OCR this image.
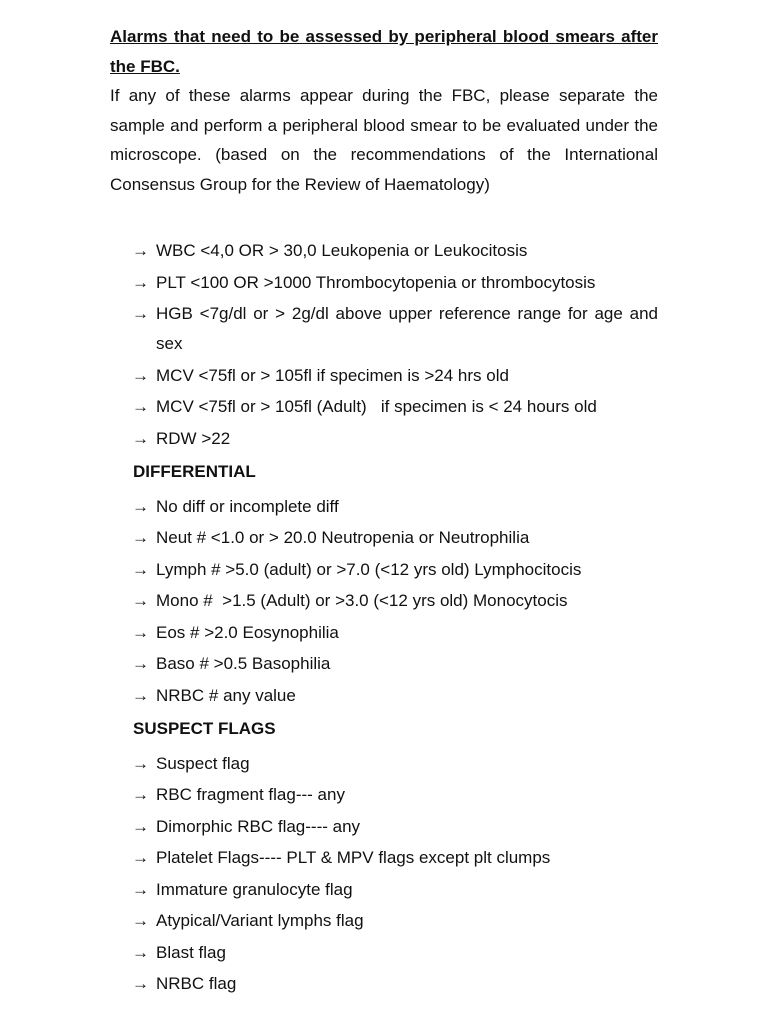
Alarms that need to be assessed by peripheral blood smears after the FBC.
If any of these alarms appear during the FBC, please separate the sample and perform a peripheral blood smear to be evaluated under the microscope. (based on the recommendations of the International Consensus Group for the Review of Haematology)
→ WBC <4,0 OR > 30,0 Leukopenia or Leukocitosis
→ PLT <100 OR >1000 Thrombocytopenia or thrombocytosis
→ HGB <7g/dl or > 2g/dl above upper reference range for age and sex
→ MCV <75fl or > 105fl if specimen is >24 hrs old
→ MCV <75fl or > 105fl (Adult)   if specimen is < 24 hours old
→ RDW >22
DIFFERENTIAL
→ No diff or incomplete diff
→ Neut # <1.0 or > 20.0 Neutropenia or Neutrophilia
→ Lymph # >5.0 (adult) or >7.0 (<12 yrs old) Lymphocitocis
→ Mono #  >1.5 (Adult) or >3.0 (<12 yrs old) Monocytocis
→ Eos # >2.0 Eosynophilia
→ Baso # >0.5 Basophilia
→ NRBC # any value
SUSPECT FLAGS
→ Suspect flag
→ RBC fragment flag--- any
→ Dimorphic RBC flag---- any
→ Platelet Flags---- PLT & MPV flags except plt clumps
→ Immature granulocyte flag
→ Atypical/Variant lymphs flag
→ Blast flag
→ NRBC flag
